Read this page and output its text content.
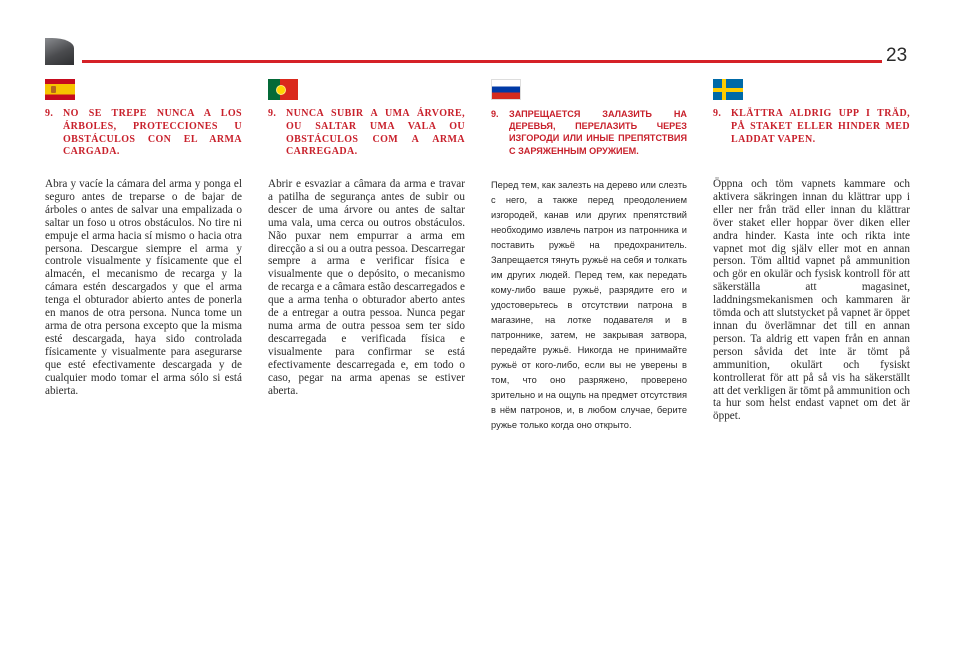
23
9. NO SE TREPE NUNCA A LOS ÁRBOLES, PROTECCIONES U OBSTÁCULOS CON EL ARMA CARGADA.

Abra y vacíe la cámara del arma y ponga el seguro antes de treparse o de bajar de árboles o antes de salvar una empalizada o saltar un foso u otros obstáculos. No tire ni empuje el arma hacia sí mismo o hacia otra persona. Descargue siempre el arma y controle visualmente y físicamente que el almacén, el mecanismo de recarga y la cámara estén descargados y que el arma tenga el obturador abierto antes de ponerla en manos de otra persona. Nunca tome un arma de otra persona excepto que la misma esté descargada, haya sido controlada físicamente y visualmente para asegurarse que esté efectivamente descargada y de cualquier modo tomar el arma sólo si está abierta.

9. NUNCA SUBIR A UMA ÁRVORE, OU SALTAR UMA VALA OU OBSTÁCULOS COM A ARMA CARREGADA.

Abrir e esvaziar a câmara da arma e travar a patilha de segurança antes de subir ou descer de uma árvore ou antes de saltar uma vala, uma cerca ou outros obstáculos. Não puxar nem empurrar a arma em direcção a si ou a outra pessoa. Descarregar sempre a arma e verificar física e visualmente que o depósito, o mecanismo de recarga e a câmara estão descarregados e que a arma tenha o obturador aberto antes de a entregar a outra pessoa. Nunca pegar numa arma de outra pessoa sem ter sido descarregada e verificada física e visualmente para confirmar se está efectivamente descarregada e, em todo o caso, pegar na arma apenas se estiver aberta.

9.	ЗАПРЕЩАЕТСЯ ЗАЛАЗИТЬ НА ДЕРЕВЬЯ, ПЕРЕЛАЗИТЬ ЧЕРЕЗ ИЗГОРОДИ ИЛИ ИНЫЕ ПРЕПЯТСТВИЯ С ЗАРЯЖЕННЫМ ОРУЖИЕМ.

Перед тем, как залезть на дерево или слезть с него, а также перед преодолением изгородей, канав или других препятствий необходимо извлечь патрон из патронника и поставить ружьё на предохранитель. Запрещается тянуть ружьё на себя и толкать им других людей. Перед тем, как передать кому-либо ваше ружьё, разрядите его и удостоверьтесь в отсутствии патрона в магазине, на лотке подавателя и в патроннике, затем, не закрывая затвора, передайте ружьё. Никогда не принимайте ружьё от кого-либо, если вы не уверены в том, что оно разряжено, проверено зрительно и на ощупь на предмет отсутствия в нём патронов, и, в любом случае, берите ружье только когда оно открыто.

9. KLÄTTRA ALDRIG UPP I TRÄD, PÅ STAKET ELLER HINDER MED LADDAT VAPEN.

Öppna och töm vapnets kammare och aktivera säkringen innan du klättrar upp i eller ner från träd eller innan du klättrar över staket eller hoppar över diken eller andra hinder. Kasta inte och rikta inte vapnet mot dig själv eller mot en annan person. Töm alltid vapnet på ammunition och gör en okulär och fysisk kontroll för att säkerställa att magasinet, laddningsmekanismen och kammaren är tömda och att slutstycket på vapnet är öppet innan du överlämnar det till en annan person. Ta aldrig ett vapen från en annan person såvida det inte är tömt på ammunition, okulärt och fysiskt kontrollerat för att på så vis ha säkerställt att det verkligen är tömt på ammunition och ta hur som helst endast vapnet om det är öppet.
